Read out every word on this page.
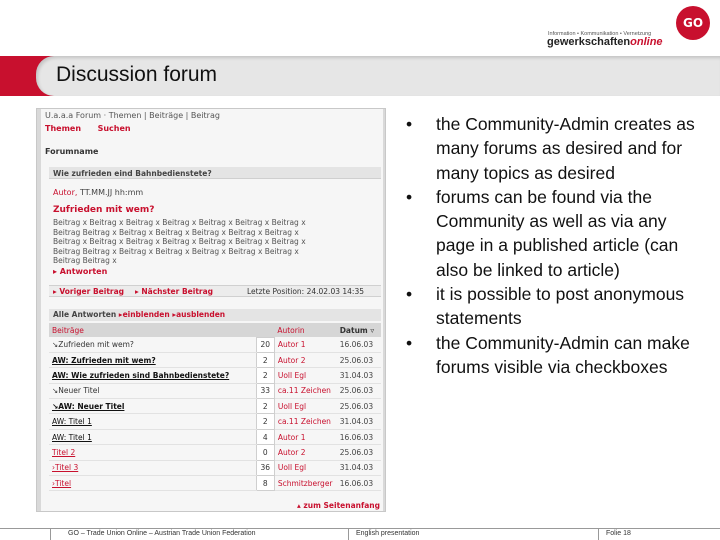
GO
Information • Kommunikation • Vernetzung
gewerkschaftenonline
Discussion forum
U.a.a.a Forum · Themen | Beiträge | Beitrag
Themen Suchen
Forumname
Wie zufrieden eind Bahnbedienstete?
Autor, TT.MM.JJ hh:mm
Zufrieden mit wem?
Beitrag x Beitrag x Beitrag x Beitrag x Beitrag x Beitrag x Beitrag x
Beitrag Beitrag x Beitrag x Beitrag x Beitrag x Beitrag x Beitrag x
Beitrag x Beitrag x Beitrag x Beitrag x Beitrag x Beitrag x Beitrag x
Beitrag Beitrag x Beitrag x Beitrag x Beitrag x Beitrag x Beitrag x
Beitrag Beitrag x
▸ Antworten
▸ Voriger Beitrag ▸ Nächster Beitrag	Letzte Position: 24.02.03 14:35
Alle Antworten ▸einblenden ▸ausblenden
Beiträge		Autorin	Datum ▿
↘Zufrieden mit wem?	20	Autor 1	16.06.03
AW: Zufrieden mit wem?	2	Autor 2	25.06.03
AW: Wie zufrieden sind Bahnbedienstete?	2	Uoll Egl	31.04.03
↘Neuer Titel	33	ca.11 Zeichen	25.06.03
↘AW: Neuer Titel	2	Uoll Egl	25.06.03
AW: Titel 1	2	ca.11 Zeichen	31.04.03
AW: Titel 1	4	Autor 1	16.06.03
Titel 2	0	Autor 2	25.06.03
›Titel 3	36	Uoll Egl	31.04.03
›Titel	8	Schmitzberger	16.06.03
▴ zum Seitenanfang
• the Community-Admin creates as many forums as desired and for many topics as desired
• forums can be found via the Community as well as via any page in a published article (can also be linked to article)
• it is possible to post anonymous statements
• the Community-Admin can make forums visible via checkboxes
GO – Trade Union Online – Austrian Trade Union Federation	English presentation	Folie 18
